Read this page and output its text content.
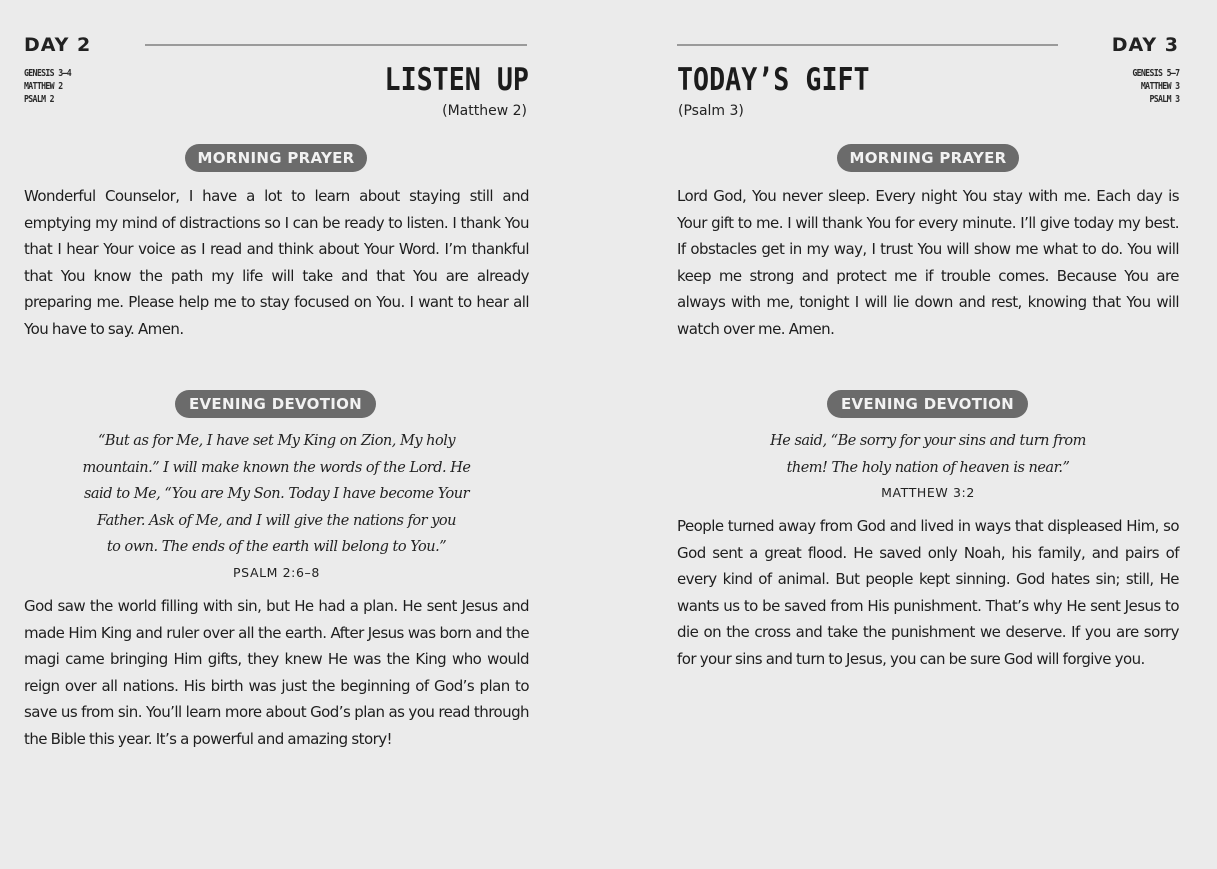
DAY 2
GENESIS 3–4
MATTHEW 2
PSALM 2
LISTEN UP
(Matthew 2)
MORNING PRAYER
Wonderful Counselor, I have a lot to learn about staying still and emptying my mind of distractions so I can be ready to listen. I thank You that I hear Your voice as I read and think about Your Word. I’m thankful that You know the path my life will take and that You are already preparing me. Please help me to stay focused on You. I want to hear all You have to say. Amen.
EVENING DEVOTION
“But as for Me, I have set My King on Zion, My holy
mountain.” I will make known the words of the Lord. He
said to Me, “You are My Son. Today I have become Your
Father. Ask of Me, and I will give the nations for you
to own. The ends of the earth will belong to You.”
PSALM 2:6–8
God saw the world filling with sin, but He had a plan. He sent Jesus and made Him King and ruler over all the earth. After Jesus was born and the magi came bringing Him gifts, they knew He was the King who would reign over all nations. His birth was just the beginning of God’s plan to save us from sin. You’ll learn more about God’s plan as you read through the Bible this year. It’s a powerful and amazing story!
DAY 3
TODAY’S GIFT
(Psalm 3)
GENESIS 5–7
MATTHEW 3
PSALM 3
MORNING PRAYER
Lord God, You never sleep. Every night You stay with me. Each day is Your gift to me. I will thank You for every minute. I’ll give today my best. If obstacles get in my way, I trust You will show me what to do. You will keep me strong and protect me if trouble comes. Because You are always with me, tonight I will lie down and rest, knowing that You will watch over me. Amen.
EVENING DEVOTION
He said, “Be sorry for your sins and turn from
them! The holy nation of heaven is near.”
MATTHEW 3:2
People turned away from God and lived in ways that displeased Him, so God sent a great flood. He saved only Noah, his family, and pairs of every kind of animal. But people kept sinning. God hates sin; still, He wants us to be saved from His punishment. That’s why He sent Jesus to die on the cross and take the punishment we deserve. If you are sorry for your sins and turn to Jesus, you can be sure God will forgive you.
